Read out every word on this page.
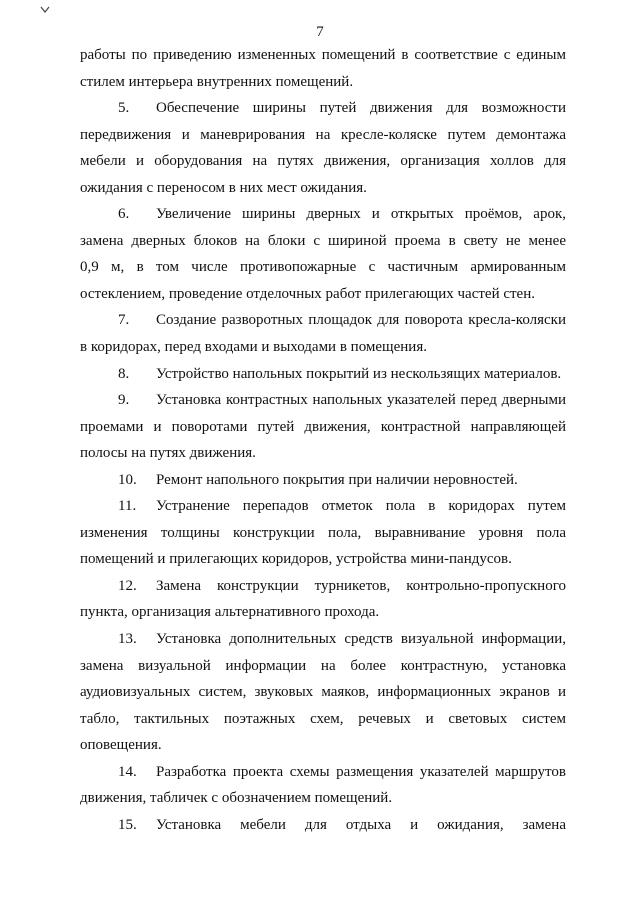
7
работы по приведению измененных помещений в соответствие с единым
стилем интерьера внутренних помещений.
5. Обеспечение ширины путей движения для возможности
передвижения и маневрирования на кресле-коляске путем демонтажа
мебели и оборудования на путях движения, организация холлов для
ожидания с переносом в них мест ожидания.
6. Увеличение ширины дверных и открытых проёмов, арок,
замена дверных блоков на блоки с шириной проема в свету не менее
0,9 м, в том числе противопожарные с частичным армированным
остеклением, проведение отделочных работ прилегающих частей стен.
7. Создание разворотных площадок для поворота кресла-коляски
в коридорах, перед входами и выходами в помещения.
8. Устройство напольных покрытий из нескользящих материалов.
9. Установка контрастных напольных указателей перед дверными
проемами и поворотами путей движения, контрастной направляющей
полосы на путях движения.
10. Ремонт напольного покрытия при наличии неровностей.
11. Устранение перепадов отметок пола в коридорах путем
изменения толщины конструкции пола, выравнивание уровня пола
помещений и прилегающих коридоров, устройства мини-пандусов.
12. Замена конструкции турникетов, контрольно-пропускного
пункта, организация альтернативного прохода.
13. Установка дополнительных средств визуальной информации,
замена визуальной информации на более контрастную, установка
аудиовизуальных систем, звуковых маяков, информационных экранов и
табло, тактильных поэтажных схем, речевых и световых систем
оповещения.
14. Разработка проекта схемы размещения указателей маршрутов
движения, табличек с обозначением помещений.
15. Установка мебели для отдыха и ожидания, замена
